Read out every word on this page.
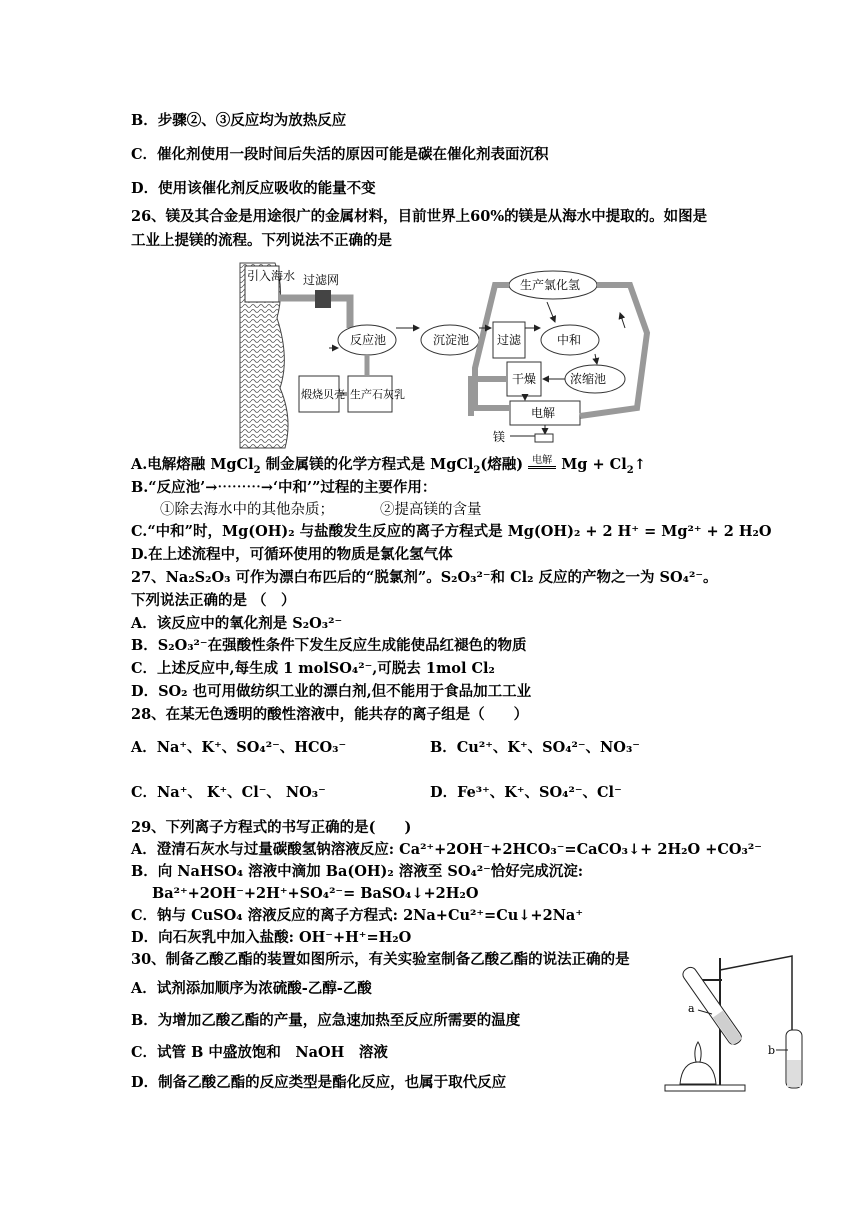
B．步骤②、③反应均为放热反应
C．催化剂使用一段时间后失活的原因可能是碳在催化剂表面沉积
D．使用该催化剂反应吸收的能量不变
26、镁及其合金是用途很广的金属材料，目前世界上60%的镁是从海水中提取的。如图是
工业上提镁的流程。下列说法不正确的是
引入海水 过滤网
反应池	沉淀池 过滤	中和
生产氯化氢
浓缩池
干燥
电解
煅烧贝壳 生产石灰乳
镁
A.电解熔融 MgCl$_2$ 制金属镁的化学方程式是 MgCl$_2$(熔融) 电解 $Mg + Cl_2↑$
B.“反应池’→⋯⋯⋯→‘中和’”过程的主要作用：
①除去海水中的其他杂质；	②提高镁的含量
C.“中和”时，Mg(OH)₂ 与盐酸发生反应的离子方程式是 Mg(OH)₂ + 2 H⁺ = Mg²⁺ + 2 H₂O
D.在上述流程中，可循环使用的物质是氯化氢气体
27、Na₂S₂O₃ 可作为漂白布匹后的“脱氯剂”。S₂O₃²⁻和 Cl₂ 反应的产物之一为 SO₄²⁻。
下列说法正确的是 （　）
A．该反应中的氧化剂是 S₂O₃²⁻
B．S₂O₃²⁻在强酸性条件下发生反应生成能使品红褪色的物质
C．上述反应中,每生成 1 molSO₄²⁻,可脱去 1mol Cl₂
D．SO₂ 也可用做纺织工业的漂白剂,但不能用于食品加工工业
28、在某无色透明的酸性溶液中，能共存的离子组是（　　）
A．Na⁺、K⁺、SO₄²⁻、HCO₃⁻	B．Cu²⁺、K⁺、SO₄²⁻、NO₃⁻
C．Na⁺、 K⁺、Cl⁻、 NO₃⁻	D．Fe³⁺、K⁺、SO₄²⁻、Cl⁻
29、下列离子方程式的书写正确的是(　　)
A．澄清石灰水与过量碳酸氢钠溶液反应: Ca²⁺+2OH⁻+2HCO₃⁻=CaCO₃↓+ 2H₂O +CO₃²⁻
B．向 NaHSO₄ 溶液中滴加 Ba(OH)₂ 溶液至 SO₄²⁻恰好完成沉淀:
Ba²⁺+2OH⁻+2H⁺+SO₄²⁻= BaSO₄↓+2H₂O
C．钠与 CuSO₄ 溶液反应的离子方程式: 2Na+Cu²⁺=Cu↓+2Na⁺
D．向石灰乳中加入盐酸: OH⁻+H⁺=H₂O
30、制备乙酸乙酯的装置如图所示，有关实验室制备乙酸乙酯的说法正确的是
A．试剂添加顺序为浓硫酸-乙醇-乙酸
B．为增加乙酸乙酯的产量，应急速加热至反应所需要的温度
C．试管 B 中盛放饱和　NaOH　溶液
D．制备乙酸乙酯的反应类型是酯化反应，也属于取代反应
a
b
